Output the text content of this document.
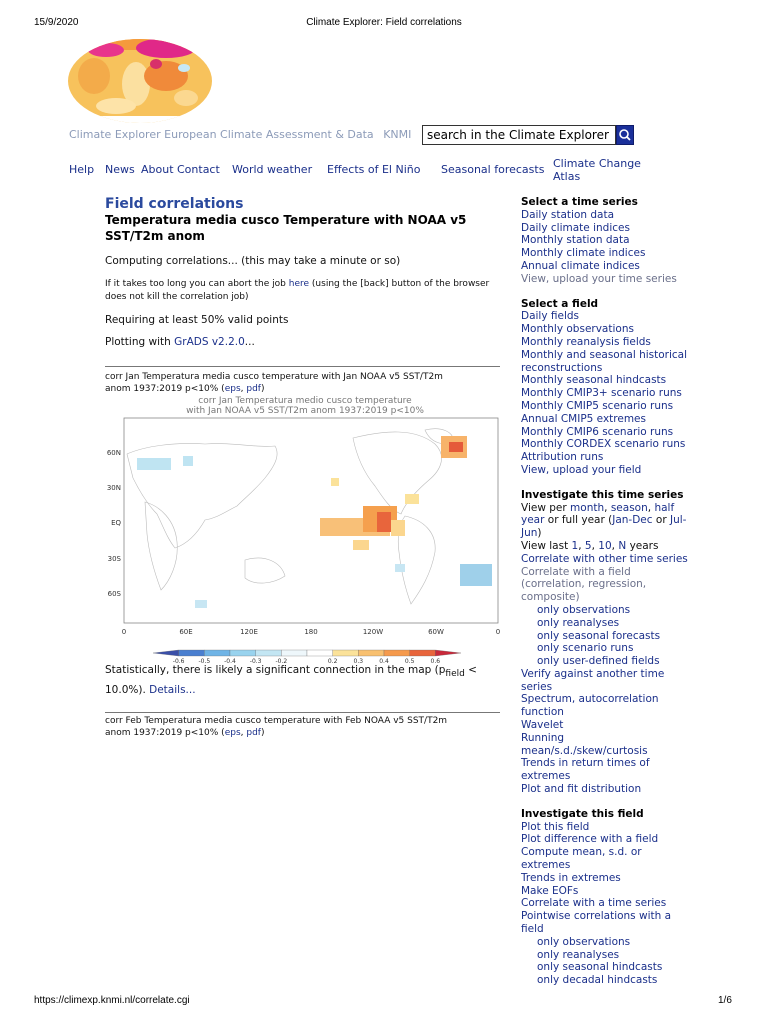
15/9/2020	Climate Explorer: Field correlations
https://climexp.knmi.nl/correlate.cgi	1/6
Climate Explorer European Climate Assessment & Data KNMI
search in the Climate Explorer
Help News About Contact World weather Effects of El Niño Seasonal forecasts Climate Change
Atlas
Field correlations
Temperatura media cusco Temperature with NOAA v5
SST/T2m anom
Computing correlations... (this may take a minute or so)
If it takes too long you can abort the job here (using the [back] button of the browser
does not kill the correlation job)
Requiring at least 50% valid points
Plotting with GrADS v2.2.0...
corr Jan Temperatura media cusco temperature with Jan NOAA v5 SST/T2m
anom 1937:2019 p<10% (eps, pdf)
corr Jan Temperatura medio cusco temperature
with Jan NOAA v5 SST/T2m anom 1937:2019 p<10%
60N
30N
EQ
30S
60S
0	60E	120E	180	120W	60W	0
-0.6 -0.5 -0.4 -0.3 -0.2	0.2	0.3	0.4	0.5	0.6
Statistically, there is likely a significant connection in the map ($p_{field}$ <
10.0%). Details...
corr Feb Temperatura media cusco temperature with Feb NOAA v5 SST/T2m
anom 1937:2019 p<10% (eps, pdf)
Select a time series
Daily station data
Daily climate indices
Monthly station data
Monthly climate indices
Annual climate indices
View, upload your time series
Select a field
Daily fields
Monthly observations
Monthly reanalysis fields
Monthly and seasonal historical
reconstructions
Monthly seasonal hindcasts
Monthly CMIP3+ scenario runs
Monthly CMIP5 scenario runs
Annual CMIP5 extremes
Monthly CMIP6 scenario runs
Monthly CORDEX scenario runs
Attribution runs
View, upload your field
Investigate this time series
View per month, season, half
year or full year (Jan-Dec or Jul-
Jun)
View last 1, 5, 10, N years
Correlate with other time series
Correlate with a field
(correlation, regression,
composite)
only observations
only reanalyses
only seasonal forecasts
only scenario runs
only user-defined fields
Verify against another time
series
Spectrum, autocorrelation
function
Wavelet
Running
mean/s.d./skew/curtosis
Trends in return times of
extremes
Plot and fit distribution
Investigate this field
Plot this field
Plot difference with a field
Compute mean, s.d. or
extremes
Trends in extremes
Make EOFs
Correlate with a time series
Pointwise correlations with a
field
only observations
only reanalyses
only seasonal hindcasts
only decadal hindcasts
